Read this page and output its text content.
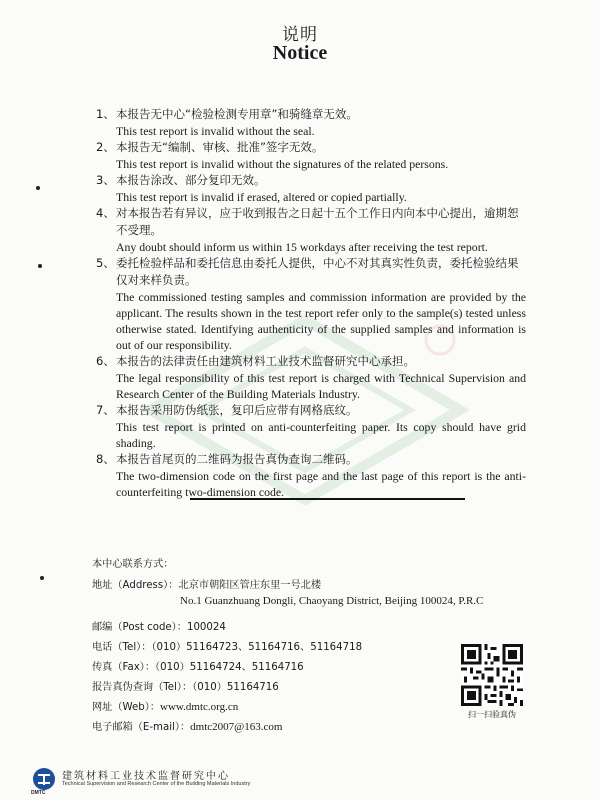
说明
Notice
1、本报告无中心“检验检测专用章”和骑缝章无效。
This test report is invalid without the seal.
2、本报告无“编制、审核、批准”签字无效。
This test report is invalid without the signatures of the related persons.
3、本报告涂改、部分复印无效。
This test report is invalid if erased, altered or copied partially.
4、对本报告若有异议，应于收到报告之日起十五个工作日内向本中心提出，逾期恕不受理。
Any doubt should inform us within 15 workdays after receiving the test report.
5、委托检验样品和委托信息由委托人提供，中心不对其真实性负责，委托检验结果仅对来样负责。
The commissioned testing samples and commission information are provided by the applicant. The results shown in the test report refer only to the sample(s) tested unless otherwise stated. Identifying authenticity of the supplied samples and information is out of our responsibility.
6、本报告的法律责任由建筑材料工业技术监督研究中心承担。
The legal responsibility of this test report is charged with Technical Supervision and Research Center of the Building Materials Industry.
7、本报告采用防伪纸张，复印后应带有网格底纹。
This test report is printed on anti-counterfeiting paper. Its copy should have grid shading.
8、本报告首尾页的二维码为报告真伪查询二维码。
The two-dimension code on the first page and the last page of this report is the anti-counterfeiting two-dimension code.
本中心联系方式：
地址（Address）：北京市朝阳区管庄东里一号北楼
No.1 Guanzhuang Dongli, Chaoyang District, Beijing 100024, P.R.C
邮编（Post code）：100024
电话（Tel）：（010）51164723、51164716、51164718
传真（Fax）：（010）51164724、51164716
报告真伪查询（Tel）：（010）51164716
网址（Web）：www.dmtc.org.cn
电子邮箱（E-mail）：dmtc2007@163.com
扫一扫验真伪
DMTC
建筑材料工业技术监督研究中心
Technical Supervision and Research Center of the Building Materials Industry
